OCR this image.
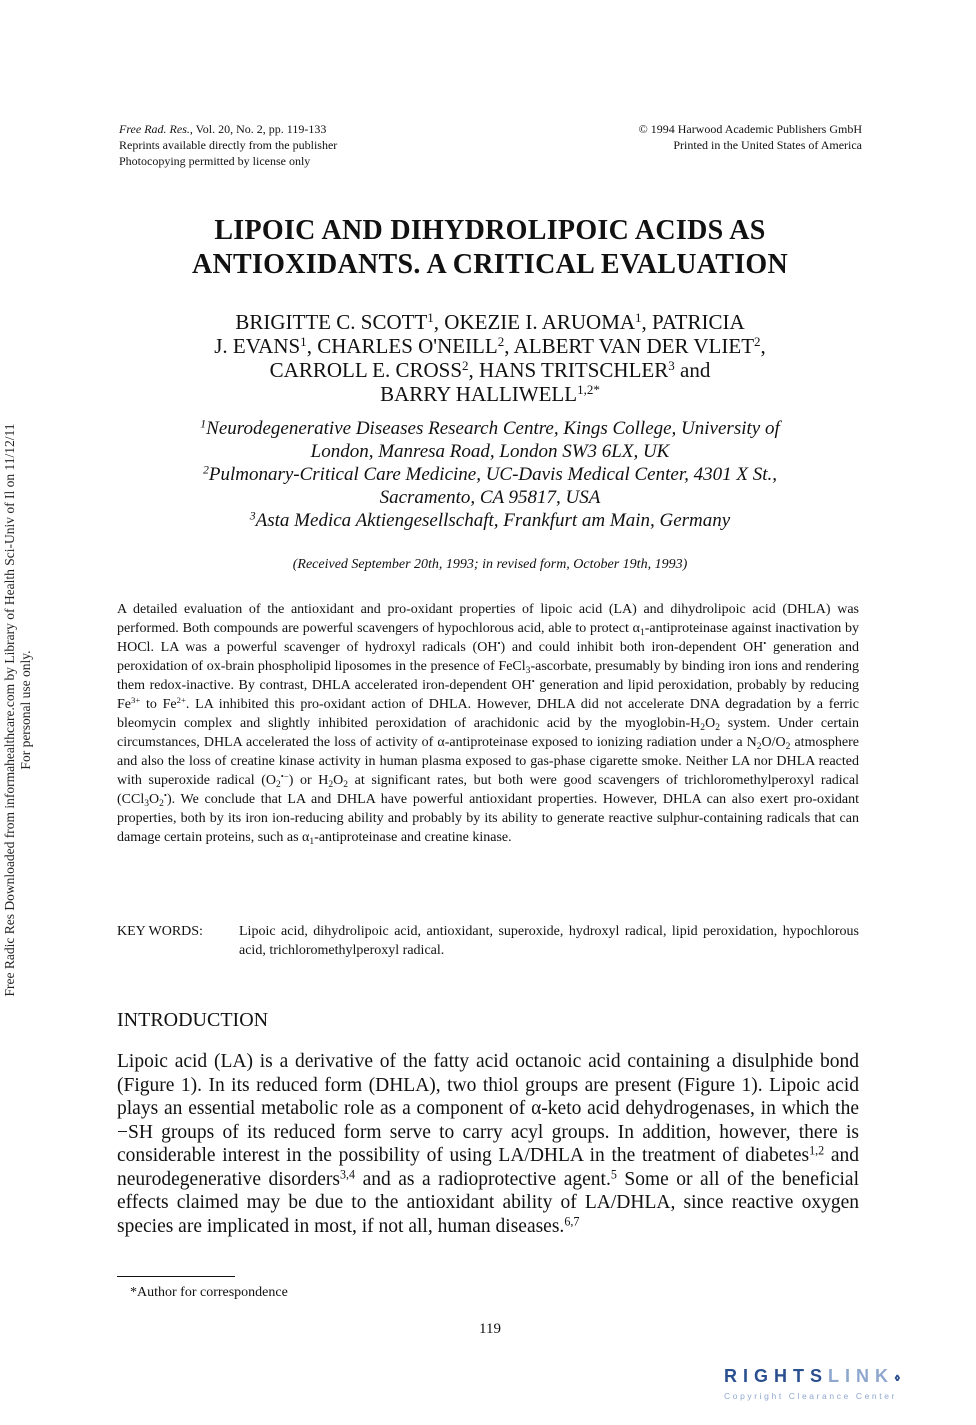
Free Rad. Res., Vol. 20, No. 2, pp. 119-133
Reprints available directly from the publisher
Photocopying permitted by license only
© 1994 Harwood Academic Publishers GmbH
Printed in the United States of America
LIPOIC AND DIHYDROLIPOIC ACIDS AS
ANTIOXIDANTS. A CRITICAL EVALUATION
BRIGITTE C. SCOTT$^1$, OKEZIE I. ARUOMA$^1$, PATRICIA
J. EVANS$^1$, CHARLES O'NEILL$^2$, ALBERT VAN DER VLIET$^2$,
CARROLL E. CROSS$^2$, HANS TRITSCHLER$^3$ and
BARRY $HALLIWELL^{1,2*}$
$^1$Neurodegenerative Diseases Research Centre, Kings College, University of
London, Manresa Road, London SW3 6LX, UK
$^2$Pulmonary-Critical Care Medicine, UC-Davis Medical Center, 4301 X St.,
Sacramento, CA 95817, USA
$^3$Asta Medica Aktiengesellschaft, Frankfurt am Main, Germany
(Received September 20th, 1993; in revised form, October 19th, 1993)
A detailed evaluation of the antioxidant and pro-oxidant properties of lipoic acid (LA) and dihydrolipoic acid (DHLA) was performed. Both compounds are powerful scavengers of hypochlorous acid, able to protect $\alpha_1$-antiproteinase against inactivation by HOCl. LA was a powerful scavenger of hydroxyl radicals (OH•) and could inhibit both iron-dependent OH• generation and peroxidation of ox-brain phospholipid liposomes in the presence of FeCl$_3$-ascorbate, presumably by binding iron ions and rendering them redox-inactive. By contrast, DHLA accelerated iron-dependent OH• generation and lipid peroxidation, probably by reducing $Fe^{3+}$ to $Fe^{2+}$. LA inhibited this pro-oxidant action of DHLA. However, DHLA did not accelerate DNA degradation by a ferric bleomycin complex and slightly inhibited peroxidation of arachidonic acid by the myoglobin-$H_2O_2$ system. Under certain circumstances, DHLA accelerated the loss of activity of α-antiproteinase exposed to ionizing radiation under a $N_2O/O_2$ atmosphere and also the loss of creatine kinase activity in human plasma exposed to gas-phase cigarette smoke. Neither LA nor DHLA reacted with superoxide radical $(O_2^{•-})$ or $H_2O_2$ at significant rates, but both were good scavengers of trichloromethylperoxyl radical $(CCl_3O_2^•)$. We conclude that LA and DHLA have powerful antioxidant properties. However, DHLA can also exert pro-oxidant properties, both by its iron ion-reducing ability and probably by its ability to generate reactive sulphur-containing radicals that can damage certain proteins, such as $\alpha_1$-antiproteinase and creatine kinase.
KEY WORDS:	Lipoic acid, dihydrolipoic acid, antioxidant, superoxide, hydroxyl radical, lipid peroxidation, hypochlorous acid, trichloromethylperoxyl radical.
INTRODUCTION
Lipoic acid (LA) is a derivative of the fatty acid octanoic acid containing a disulphide bond (Figure 1). In its reduced form (DHLA), two thiol groups are present (Figure 1). Lipoic acid plays an essential metabolic role as a component of α-keto acid dehydrogenases, in which the −SH groups of its reduced form serve to carry acyl groups. In addition, however, there is considerable interest in the possibility of using LA/DHLA in the treatment of diabetes$^{1,2}$ and neurodegenerative disorders$^{3,4}$ and as a radioprotective agent.$^5$ Some or all of the beneficial effects claimed may be due to the antioxidant ability of LA/DHLA, since reactive oxygen species are implicated in most, if not all, human diseases.$^{6,7}$
*Author for correspondence
119
Free Radic Res Downloaded from informahealthcare.com by Library of Health Sci-Univ of Il on 11/12/11 For personal use only.
RIGHTSLINK‹›
Copyright Clearance Center
